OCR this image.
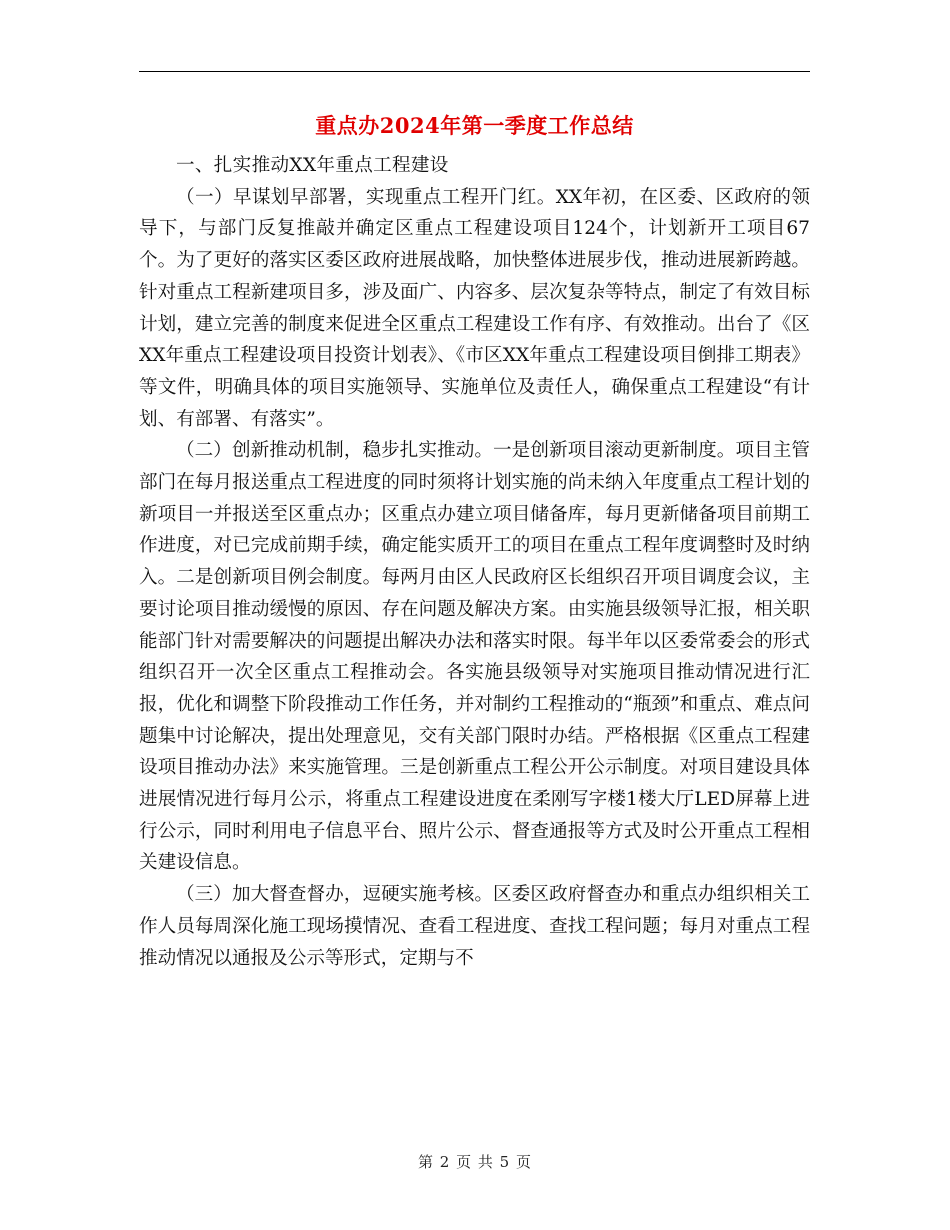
重点办2024年第一季度工作总结

一、扎实推动XX年重点工程建设

（一）早谋划早部署，实现重点工程开门红。XX年初，在区委、区政府的领导下，与部门反复推敲并确定区重点工程建设项目124个，计划新开工项目67个。为了更好的落实区委区政府进展战略，加快整体进展步伐，推动进展新跨越。针对重点工程新建项目多，涉及面广、内容多、层次复杂等特点，制定了有效目标计划，建立完善的制度来促进全区重点工程建设工作有序、有效推动。出台了《区XX年重点工程建设项目投资计划表》、《市区XX年重点工程建设项目倒排工期表》等文件，明确具体的项目实施领导、实施单位及责任人，确保重点工程建设“有计划、有部署、有落实”。

（二）创新推动机制，稳步扎实推动。一是创新项目滚动更新制度。项目主管部门在每月报送重点工程进度的同时须将计划实施的尚未纳入年度重点工程计划的新项目一并报送至区重点办；区重点办建立项目储备库，每月更新储备项目前期工作进度，对已完成前期手续，确定能实质开工的项目在重点工程年度调整时及时纳入。二是创新项目例会制度。每两月由区人民政府区长组织召开项目调度会议，主要讨论项目推动缓慢的原因、存在问题及解决方案。由实施县级领导汇报，相关职能部门针对需要解决的问题提出解决办法和落实时限。每半年以区委常委会的形式组织召开一次全区重点工程推动会。各实施县级领导对实施项目推动情况进行汇报，优化和调整下阶段推动工作任务，并对制约工程推动的“瓶颈”和重点、难点问题集中讨论解决，提出处理意见，交有关部门限时办结。严格根据《区重点工程建设项目推动办法》来实施管理。三是创新重点工程公开公示制度。对项目建设具体进展情况进行每月公示，将重点工程建设进度在柔刚写字楼1楼大厅LED屏幕上进行公示，同时利用电子信息平台、照片公示、督查通报等方式及时公开重点工程相关建设信息。

（三）加大督查督办，逗硬实施考核。区委区政府督查办和重点办组织相关工作人员每周深化施工现场摸情况、查看工程进度、查找工程问题；每月对重点工程推动情况以通报及公示等形式，定期与不

第 2 页 共 5 页
